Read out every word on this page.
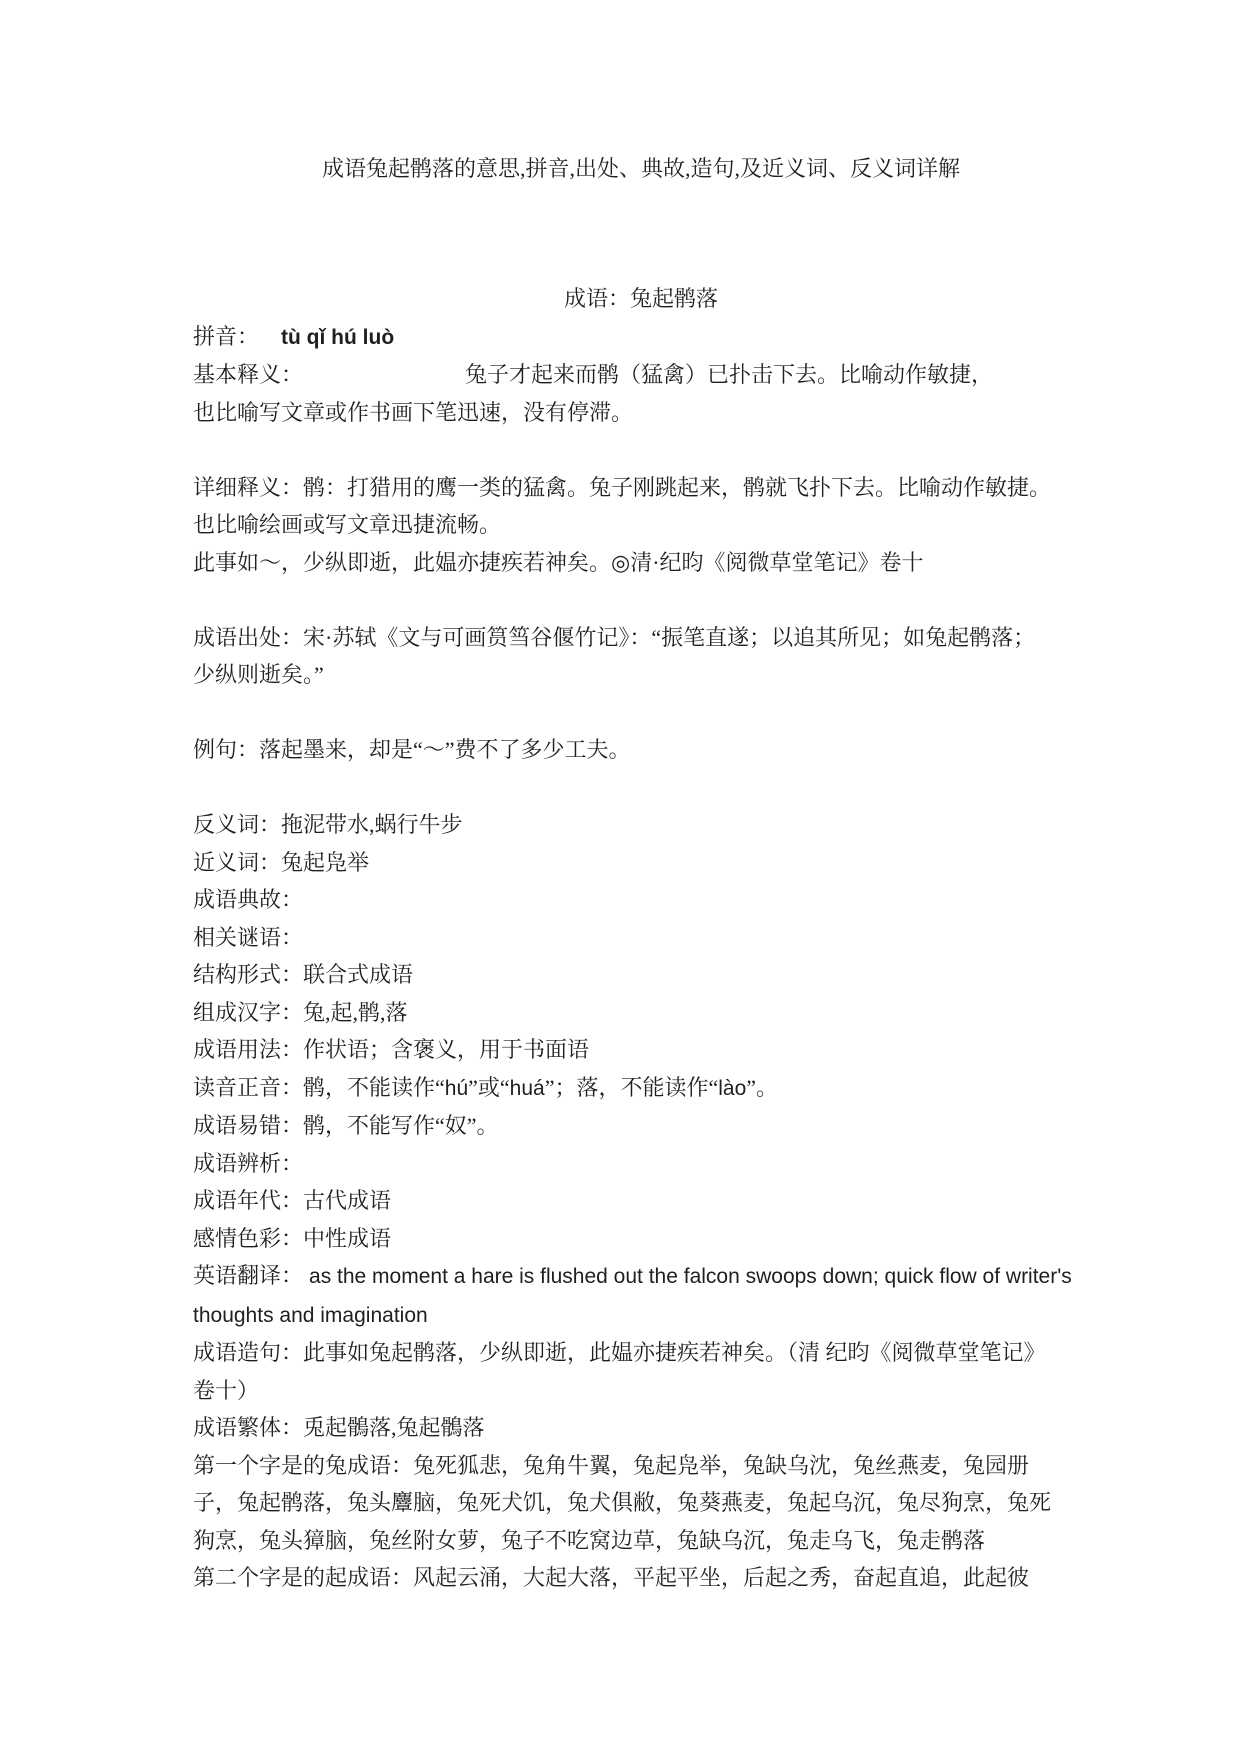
成语兔起鹘落的意思,拼音,出处、典故,造句,及近义词、反义词详解
成语：兔起鹘落
拼音： tù qǐ hú luò
基本释义：	兔子才起来而鹘（猛禽）已扑击下去。比喻动作敏捷，
也比喻写文章或作书画下笔迅速，没有停滞。
详细释义：鹘：打猎用的鹰一类的猛禽。兔子刚跳起来，鹘就飞扑下去。比喻动作敏捷。
也比喻绘画或写文章迅捷流畅。
此事如～，少纵即逝，此媪亦捷疾若神矣。◎清·纪昀《阅微草堂笔记》卷十
成语出处：宋·苏轼《文与可画筼筜谷偃竹记》：“振笔直遂；以追其所见；如兔起鹘落；
少纵则逝矣。”
例句：落起墨来，却是“～”费不了多少工夫。
反义词：拖泥带水,蜗行牛步
近义词：兔起凫举
成语典故：
相关谜语：
结构形式：联合式成语
组成汉字：兔,起,鹘,落
成语用法：作状语；含褒义，用于书面语
读音正音：鹘，不能读作“hú”或“huá”；落，不能读作“lào”。
成语易错：鹘，不能写作“奴”。
成语辨析：
成语年代：古代成语
感情色彩：中性成语
英语翻译： as the moment a hare is flushed out the falcon swoops down; quick flow of writer's
thoughts and imagination
成语造句：此事如兔起鹘落，少纵即逝，此媪亦捷疾若神矣。（清 纪昀《阅微草堂笔记》
卷十）
成语繁体：兎起鶻落,兔起鶻落
第一个字是的兔成语：兔死狐悲，兔角牛翼，兔起凫举，兔缺乌沈，兔丝燕麦，兔园册
子，兔起鹘落，兔头麞脑，兔死犬饥，兔犬俱敝，兔葵燕麦，兔起乌沉，兔尽狗烹，兔死
狗烹，兔头獐脑，兔丝附女萝，兔子不吃窝边草，兔缺乌沉，兔走乌飞，兔走鹘落
第二个字是的起成语：风起云涌，大起大落，平起平坐，后起之秀，奋起直追，此起彼
